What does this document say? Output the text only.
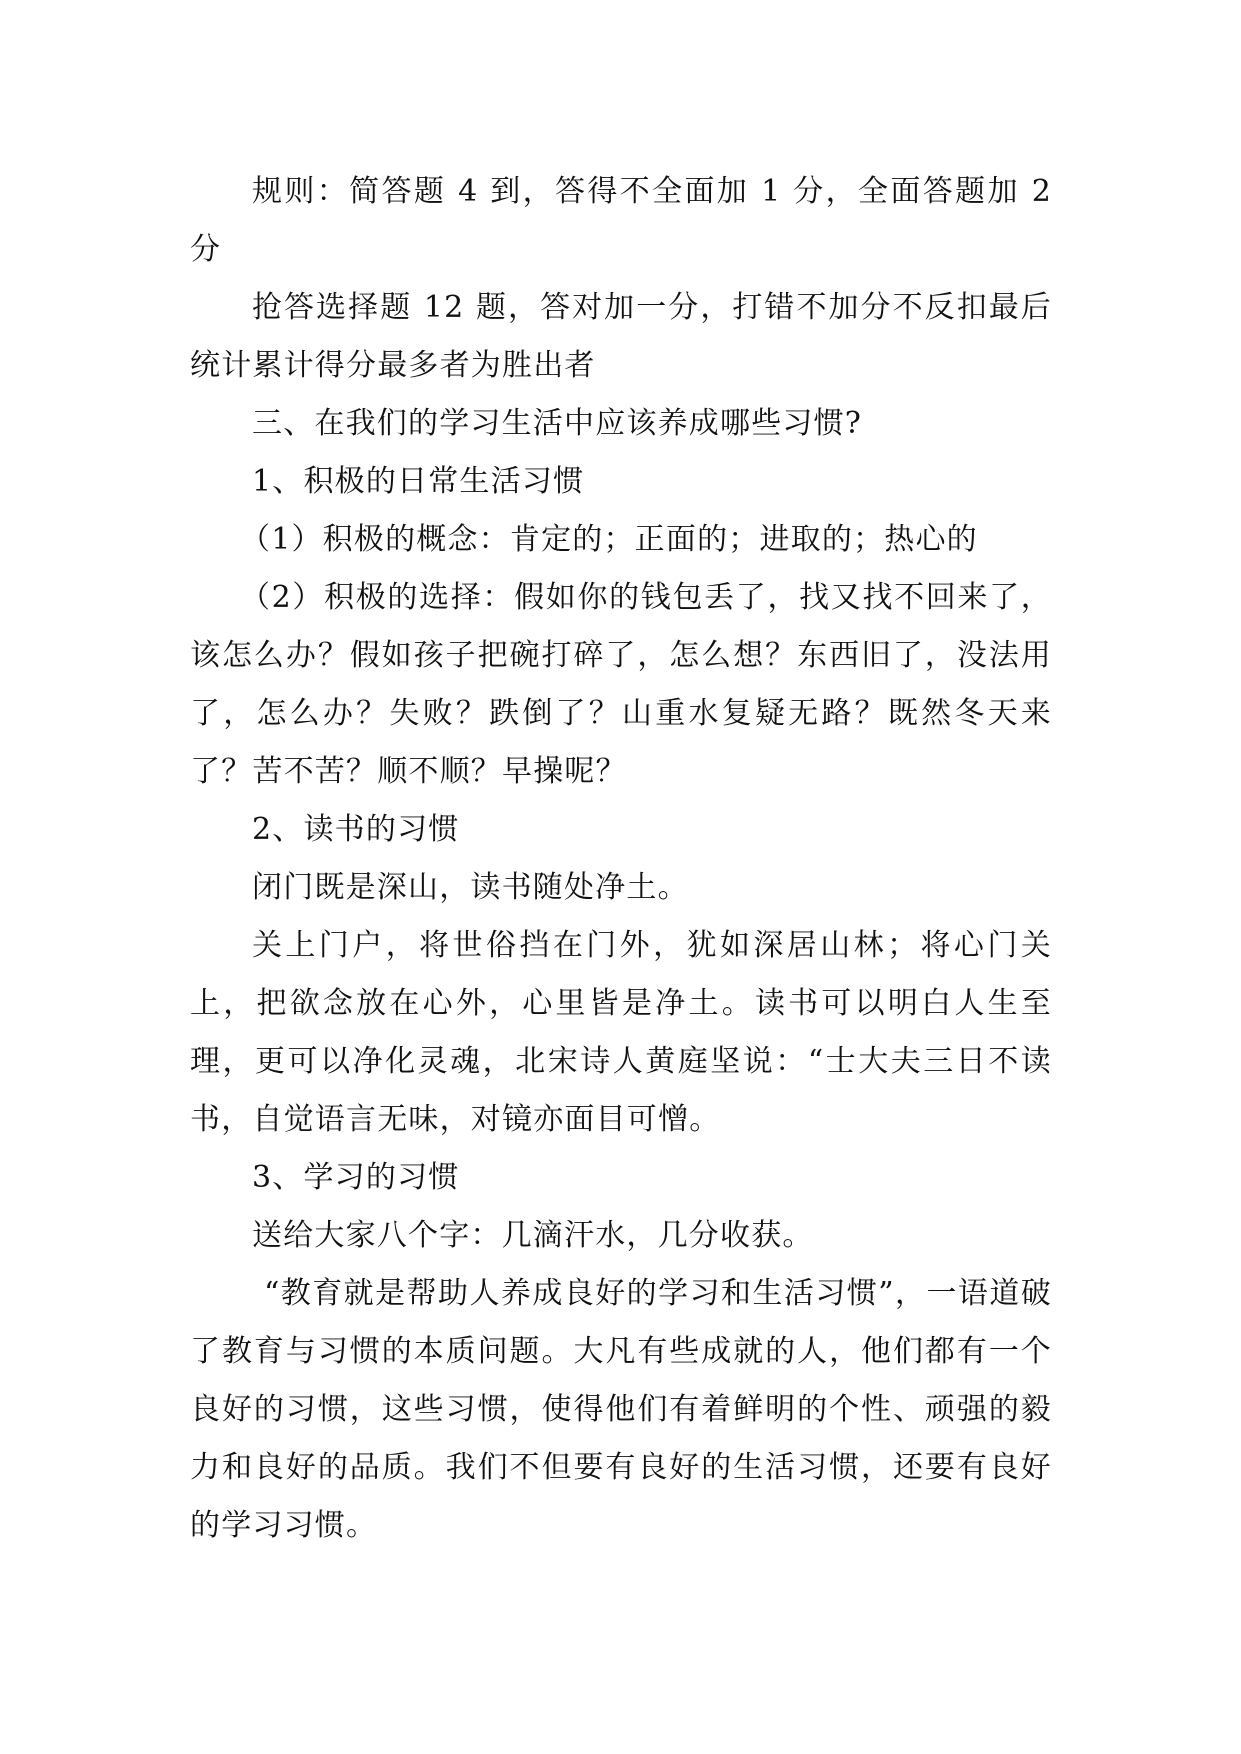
规则：简答题 4 到，答得不全面加 1 分，全面答题加 2 分

抢答选择题 12 题，答对加一分，打错不加分不反扣最后统计累计得分最多者为胜出者

三、在我们的学习生活中应该养成哪些习惯?

1、积极的日常生活习惯

（1）积极的概念：肯定的；正面的；进取的；热心的

（2）积极的选择：假如你的钱包丢了，找又找不回来了，该怎么办？假如孩子把碗打碎了，怎么想？东西旧了，没法用了，怎么办？失败？跌倒了？山重水复疑无路？既然冬天来了？苦不苦？顺不顺？早操呢？

2、读书的习惯

闭门既是深山，读书随处净土。

关上门户，将世俗挡在门外，犹如深居山林；将心门关上，把欲念放在心外，心里皆是净土。读书可以明白人生至理，更可以净化灵魂，北宋诗人黄庭坚说：“士大夫三日不读书，自觉语言无味，对镜亦面目可憎。

3、学习的习惯

送给大家八个字：几滴汗水，几分收获。

“教育就是帮助人养成良好的学习和生活习惯”，一语道破了教育与习惯的本质问题。大凡有些成就的人，他们都有一个良好的习惯，这些习惯，使得他们有着鲜明的个性、顽强的毅力和良好的品质。我们不但要有良好的生活习惯，还要有良好的学习习惯。
